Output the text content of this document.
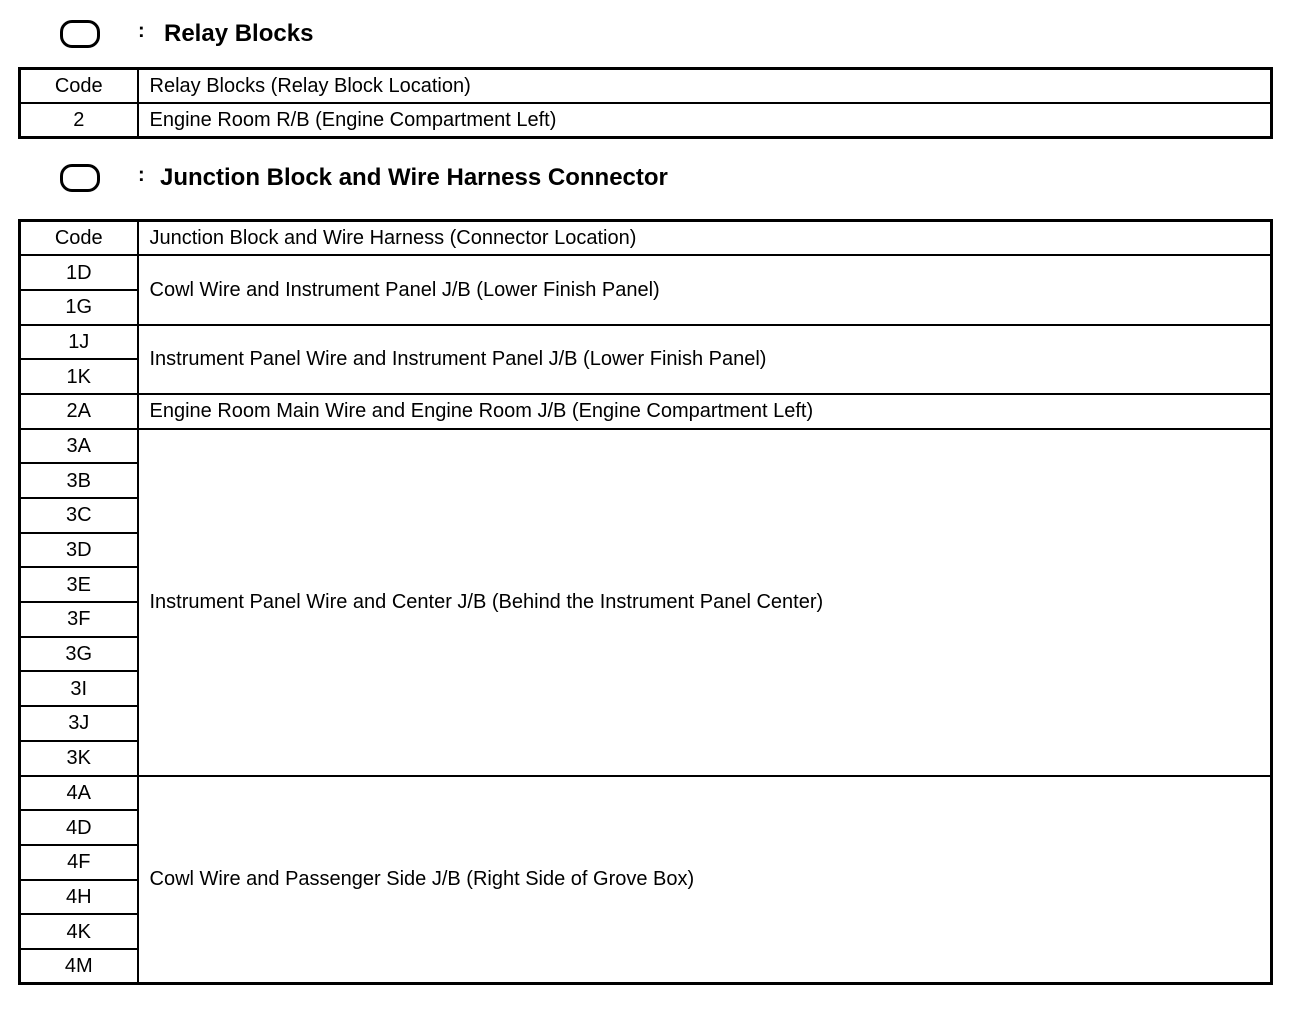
: Relay Blocks
Code	Relay Blocks (Relay Block Location)
2	Engine Room R/B (Engine Compartment Left)
: Junction Block and Wire Harness Connector
Code	Junction Block and Wire Harness (Connector Location)
1D	Cowl Wire and Instrument Panel J/B (Lower Finish Panel)
1G	
1J	Instrument Panel Wire and Instrument Panel J/B (Lower Finish Panel)
1K	
2A	Engine Room Main Wire and Engine Room J/B (Engine Compartment Left)
3A	Instrument Panel Wire and Center J/B (Behind the Instrument Panel Center)
3B	
3C	
3D	
3E	
3F	
3G	
3I	
3J	
3K	
4A	Cowl Wire and Passenger Side J/B (Right Side of Grove Box)
4D	
4F	
4H	
4K	
4M	
